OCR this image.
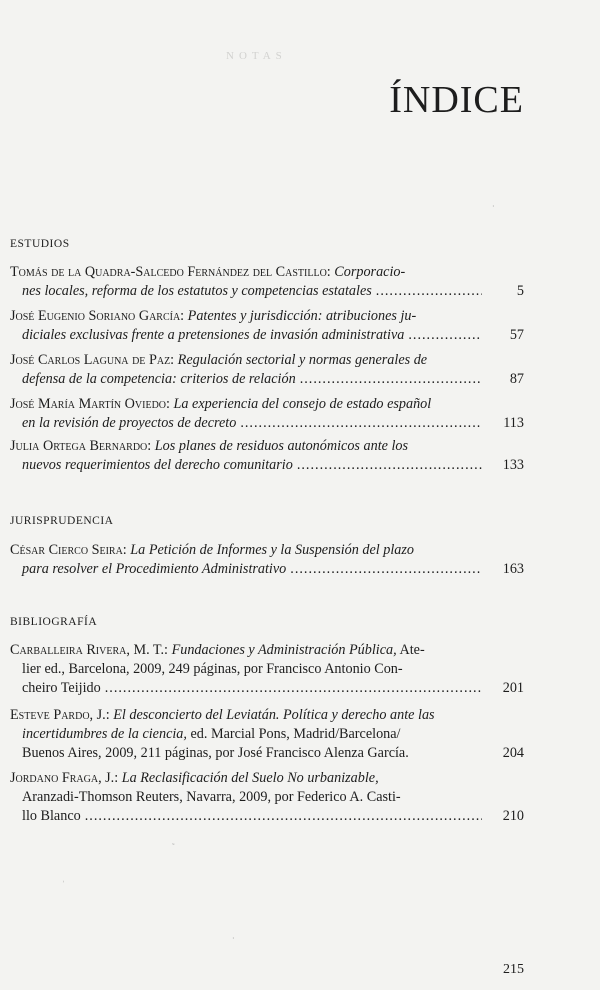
NOTAS
ÍNDICE
ESTUDIOS
Tomás de la Quadra-Salcedo Fernández del Castillo: Corporacio-
nes locales, reforma de los estatutos y competencias estatales .....	5
José Eugenio Soriano García: Patentes y jurisdicción: atribuciones ju-
diciales exclusivas frente a pretensiones de invasión administrativa .....	57
José Carlos Laguna de Paz: Regulación sectorial y normas generales de
defensa de la competencia: criterios de relación .....	87
José María Martín Oviedo: La experiencia del consejo de estado español
en la revisión de proyectos de decreto .....	113
Julia Ortega Bernardo: Los planes de residuos autonómicos ante los
nuevos requerimientos del derecho comunitario .....	133
JURISPRUDENCIA
César Cierco Seira: La Petición de Informes y la Suspensión del plazo
para resolver el Procedimiento Administrativo .....	163
BIBLIOGRAFÍA
Carballeira Rivera, M. T.: Fundaciones y Administración Pública, Ate-
lier ed., Barcelona, 2009, 249 páginas, por Francisco Antonio Con-
cheiro Teijido .....	201
Esteve Pardo, J.: El desconcierto del Leviatán. Política y derecho ante las
incertidumbres de la ciencia, ed. Marcial Pons, Madrid/Barcelona/
Buenos Aires, 2009, 211 páginas, por José Francisco Alenza García.	204
Jordano Fraga, J.: La Reclasificación del Suelo No urbanizable,
Aranzadi-Thomson Reuters, Navarra, 2009, por Federico A. Casti-
llo Blanco .....	210
·
˜
˒
·
215
